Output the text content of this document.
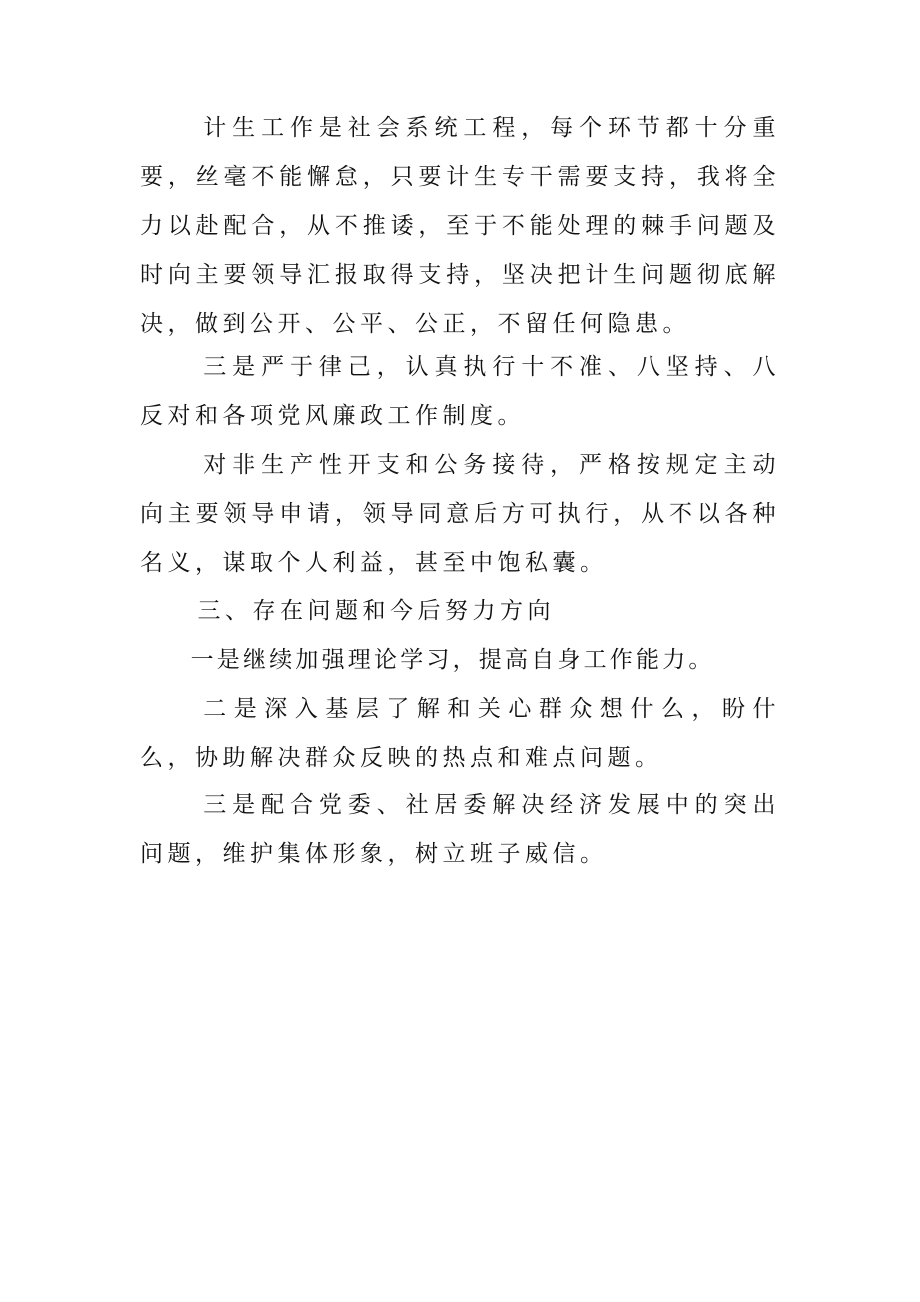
计生工作是社会系统工程，每个环节都十分重要，丝毫不能懈怠，只要计生专干需要支持，我将全力以赴配合，从不推诿，至于不能处理的棘手问题及时向主要领导汇报取得支持，坚决把计生问题彻底解决，做到公开、公平、公正，不留任何隐患。

三是严于律己，认真执行十不准、八坚持、八反对和各项党风廉政工作制度。

对非生产性开支和公务接待，严格按规定主动向主要领导申请，领导同意后方可执行，从不以各种名义，谋取个人利益，甚至中饱私囊。

三、存在问题和今后努力方向

一是继续加强理论学习，提高自身工作能力。

二是深入基层了解和关心群众想什么，盼什么，协助解决群众反映的热点和难点问题。

三是配合党委、社居委解决经济发展中的突出问题，维护集体形象，树立班子威信。
